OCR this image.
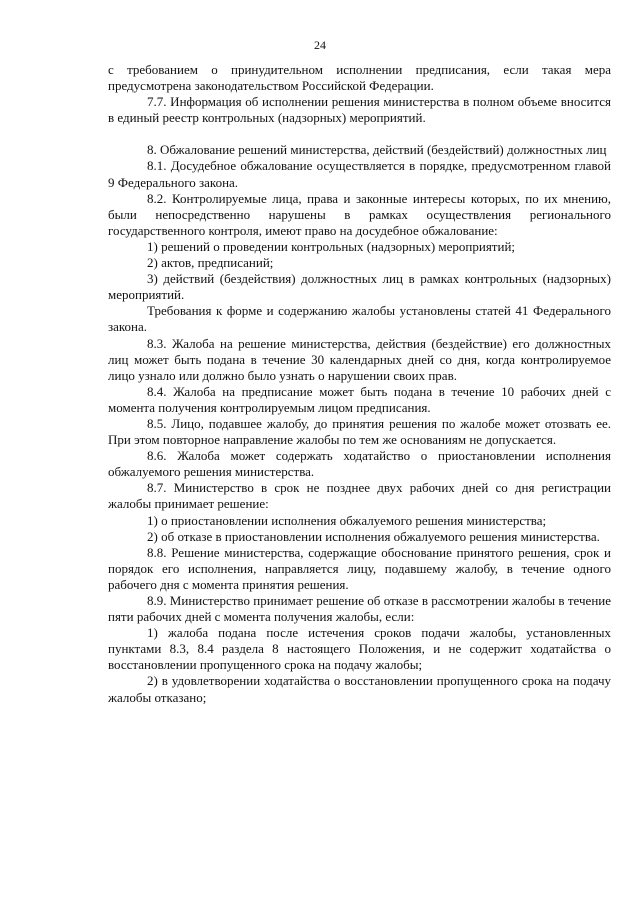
24

с требованием о принудительном исполнении предписания, если такая мера предусмотрена законодательством Российской Федерации.

7.7. Информация об исполнении решения министерства в полном объеме вносится в единый реестр контрольных (надзорных) мероприятий.

8. Обжалование решений министерства, действий (бездействий) должностных лиц

8.1. Досудебное обжалование осуществляется в порядке, предусмотренном главой 9 Федерального закона.

8.2. Контролируемые лица, права и законные интересы которых, по их мнению, были непосредственно нарушены в рамках осуществления регионального государственного контроля, имеют право на досудебное обжалование:

1) решений о проведении контрольных (надзорных) мероприятий;

2) актов, предписаний;

3) действий (бездействия) должностных лиц в рамках контрольных (надзорных) мероприятий.

Требования к форме и содержанию жалобы установлены статей 41 Федерального закона.

8.3. Жалоба на решение министерства, действия (бездействие) его должностных лиц может быть подана в течение 30 календарных дней со дня, когда контролируемое лицо узнало или должно было узнать о нарушении своих прав.

8.4. Жалоба на предписание может быть подана в течение 10 рабочих дней с момента получения контролируемым лицом предписания.

8.5. Лицо, подавшее жалобу, до принятия решения по жалобе может отозвать ее. При этом повторное направление жалобы по тем же основаниям не допускается.

8.6. Жалоба может содержать ходатайство о приостановлении исполнения обжалуемого решения министерства.

8.7. Министерство в срок не позднее двух рабочих дней со дня регистрации жалобы принимает решение:

1) о приостановлении исполнения обжалуемого решения министерства;

2) об отказе в приостановлении исполнения обжалуемого решения министерства.

8.8. Решение министерства, содержащие обоснование принятого решения, срок и порядок его исполнения, направляется лицу, подавшему жалобу, в течение одного рабочего дня с момента принятия решения.

8.9. Министерство принимает решение об отказе в рассмотрении жалобы в течение пяти рабочих дней с момента получения жалобы, если:

1) жалоба подана после истечения сроков подачи жалобы, установленных пунктами 8.3, 8.4 раздела 8 настоящего Положения, и не содержит ходатайства о восстановлении пропущенного срока на подачу жалобы;

2) в удовлетворении ходатайства о восстановлении пропущенного срока на подачу жалобы отказано;
